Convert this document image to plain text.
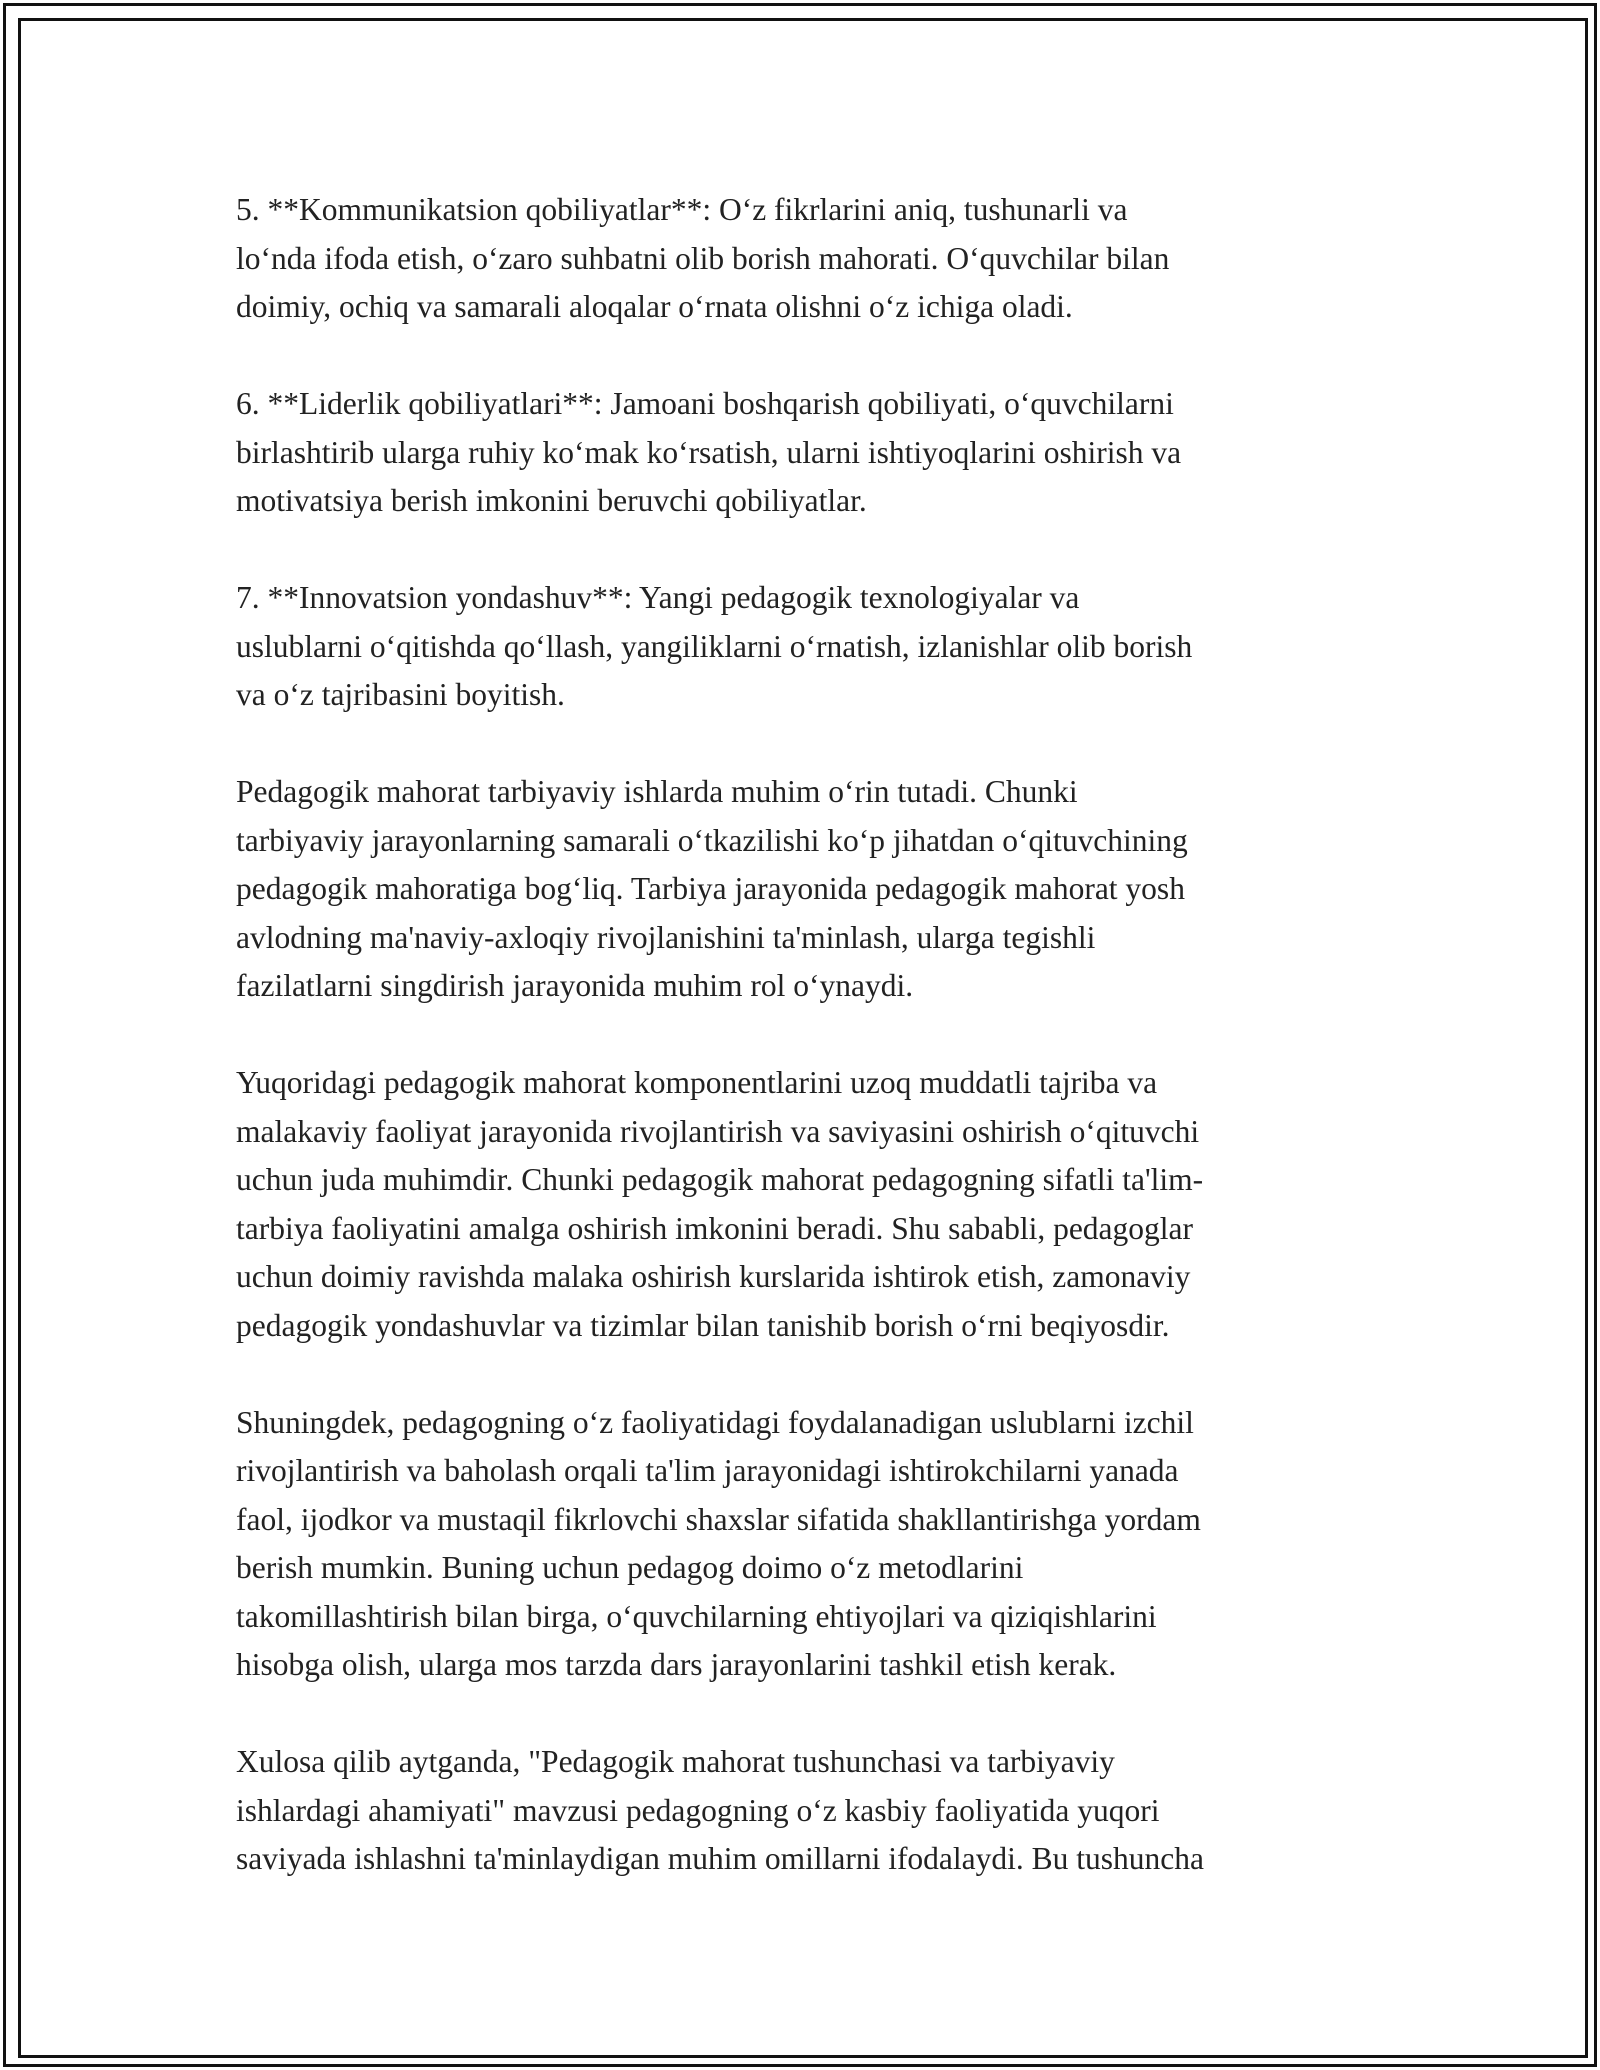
5. **Kommunikatsion qobiliyatlar**: O‘z fikrlarini aniq, tushunarli va
lo‘nda ifoda etish, o‘zaro suhbatni olib borish mahorati. O‘quvchilar bilan
doimiy, ochiq va samarali aloqalar o‘rnata olishni o‘z ichiga oladi.

6. **Liderlik qobiliyatlari**: Jamoani boshqarish qobiliyati, o‘quvchilarni
birlashtirib ularga ruhiy ko‘mak ko‘rsatish, ularni ishtiyoqlarini oshirish va
motivatsiya berish imkonini beruvchi qobiliyatlar.

7. **Innovatsion yondashuv**: Yangi pedagogik texnologiyalar va
uslublarni o‘qitishda qo‘llash, yangiliklarni o‘rnatish, izlanishlar olib borish
va o‘z tajribasini boyitish.

Pedagogik mahorat tarbiyaviy ishlarda muhim o‘rin tutadi. Chunki
tarbiyaviy jarayonlarning samarali o‘tkazilishi ko‘p jihatdan o‘qituvchining
pedagogik mahoratiga bog‘liq. Tarbiya jarayonida pedagogik mahorat yosh
avlodning ma'naviy-axloqiy rivojlanishini ta'minlash, ularga tegishli
fazilatlarni singdirish jarayonida muhim rol o‘ynaydi.

Yuqoridagi pedagogik mahorat komponentlarini uzoq muddatli tajriba va
malakaviy faoliyat jarayonida rivojlantirish va saviyasini oshirish o‘qituvchi
uchun juda muhimdir. Chunki pedagogik mahorat pedagogning sifatli ta'lim-
tarbiya faoliyatini amalga oshirish imkonini beradi. Shu sababli, pedagoglar
uchun doimiy ravishda malaka oshirish kurslarida ishtirok etish, zamonaviy
pedagogik yondashuvlar va tizimlar bilan tanishib borish o‘rni beqiyosdir.

Shuningdek, pedagogning o‘z faoliyatidagi foydalanadigan uslublarni izchil
rivojlantirish va baholash orqali ta'lim jarayonidagi ishtirokchilarni yanada
faol, ijodkor va mustaqil fikrlovchi shaxslar sifatida shakllantirishga yordam
berish mumkin. Buning uchun pedagog doimo o‘z metodlarini
takomillashtirish bilan birga, o‘quvchilarning ehtiyojlari va qiziqishlarini
hisobga olish, ularga mos tarzda dars jarayonlarini tashkil etish kerak.

Xulosa qilib aytganda, "Pedagogik mahorat tushunchasi va tarbiyaviy
ishlardagi ahamiyati" mavzusi pedagogning o‘z kasbiy faoliyatida yuqori
saviyada ishlashni ta'minlaydigan muhim omillarni ifodalaydi. Bu tushuncha
